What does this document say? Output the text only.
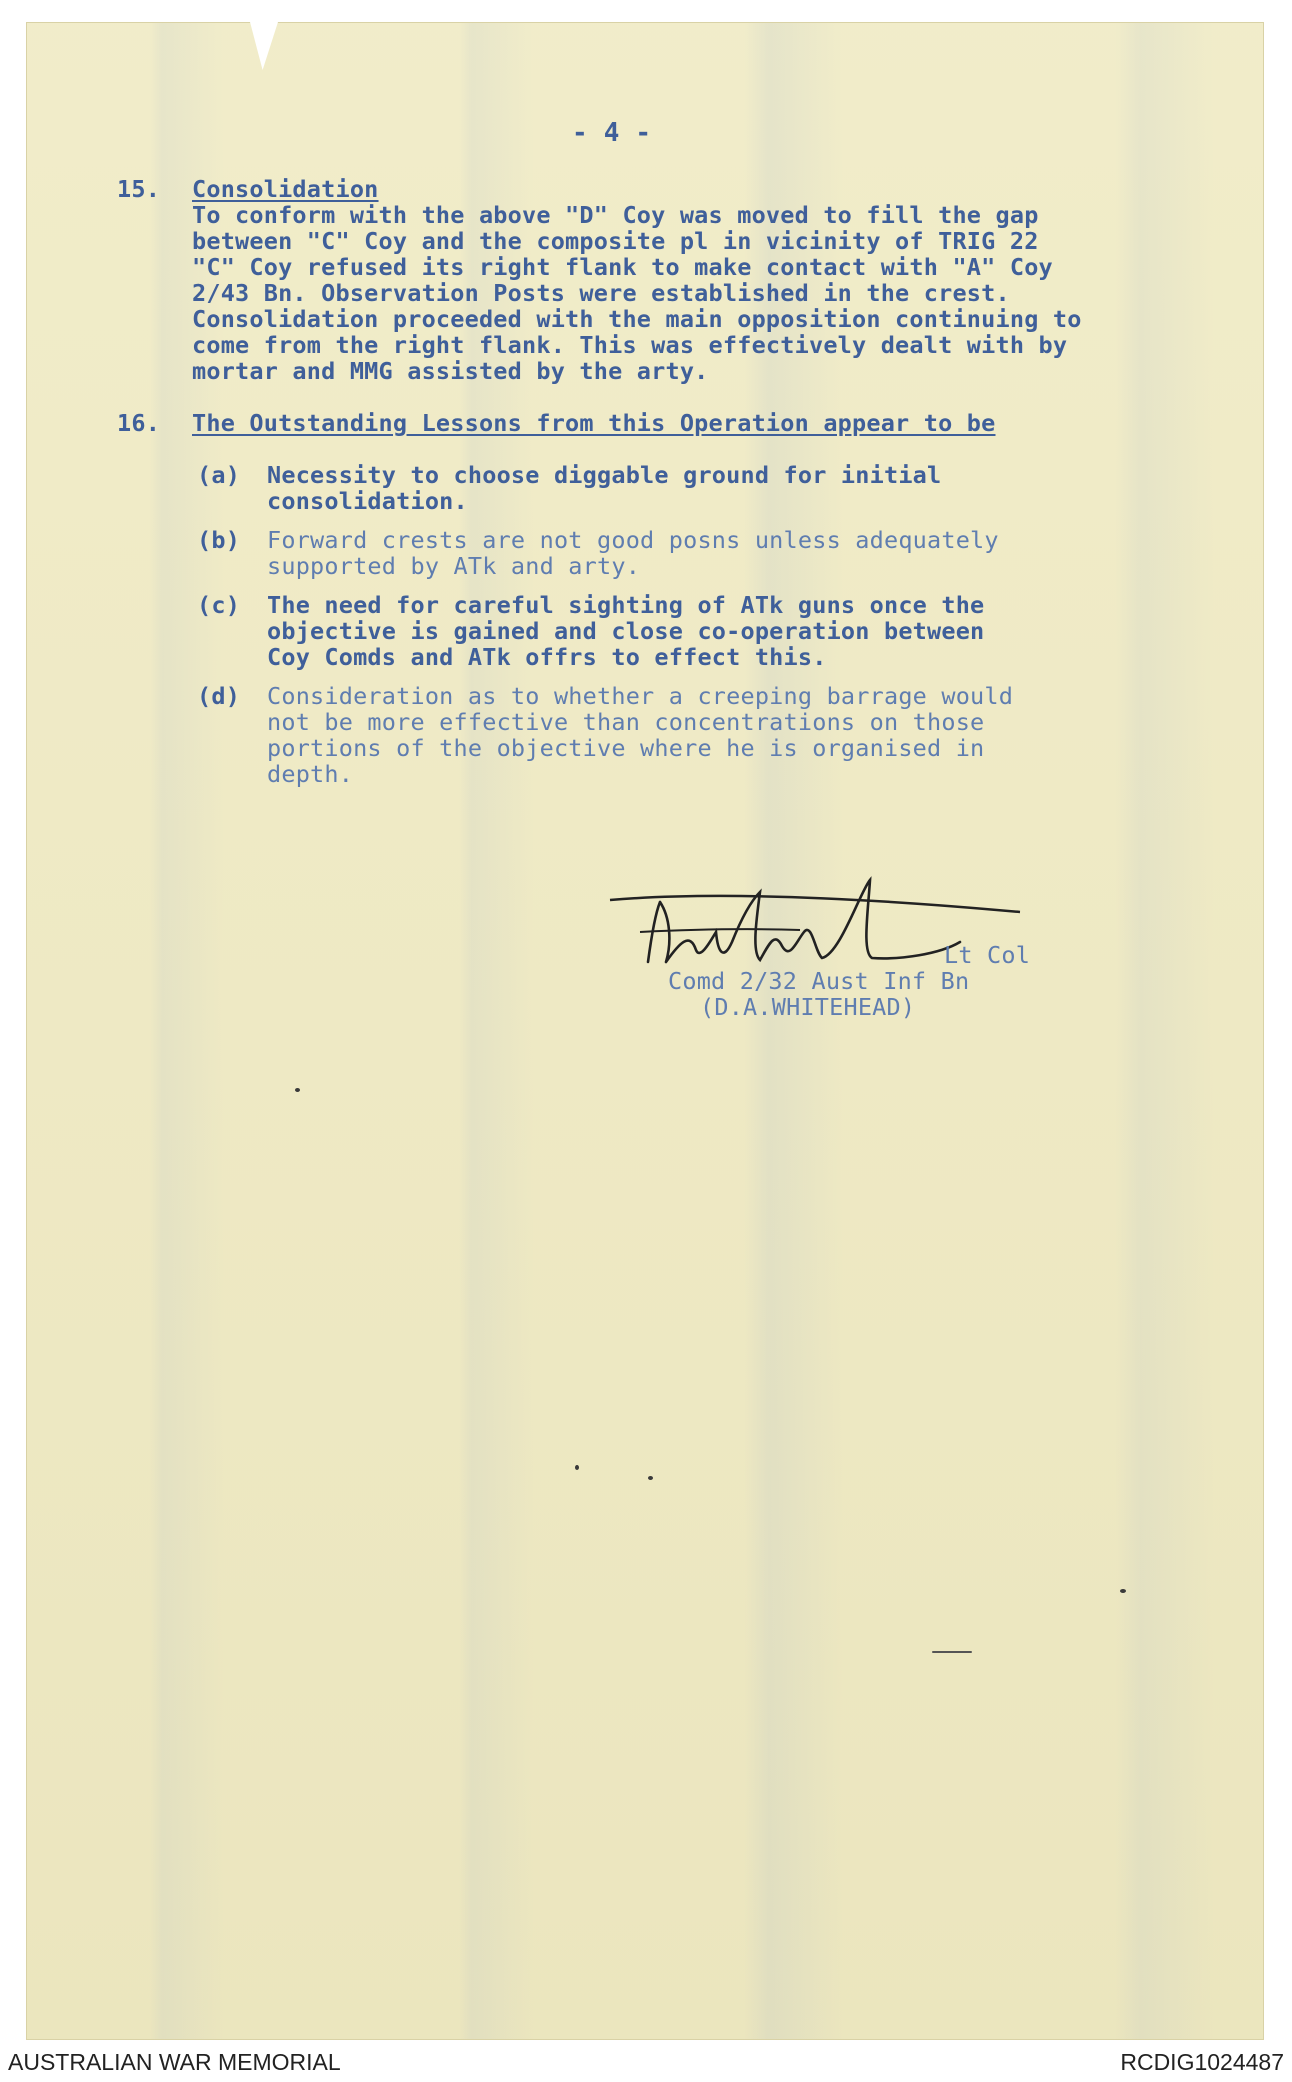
- 4 -
15. Consolidation
To conform with the above "D" Coy was moved to fill the gap
between "C" Coy and the composite pl in vicinity of TRIG 22
"C" Coy refused its right flank to make contact with "A" Coy
2/43 Bn. Observation Posts were established in the crest.
Consolidation proceeded with the main opposition continuing to
come from the right flank. This was effectively dealt with by
mortar and MMG assisted by the arty.
16. The Outstanding Lessons from this Operation appear to be
(a) Necessity to choose diggable ground for initial
consolidation.
(b) Forward crests are not good posns unless adequately
supported by ATk and arty.
(c) The need for careful sighting of ATk guns once the
objective is gained and close co-operation between
Coy Comds and ATk offrs to effect this.
(d) Consideration as to whether a creeping barrage would
not be more effective than concentrations on those
portions of the objective where he is organised in
depth.
Lt Col
Comd 2/32 Aust Inf Bn
(D.A.WHITEHEAD)
AUSTRALIAN WAR MEMORIAL	RCDIG1024487
